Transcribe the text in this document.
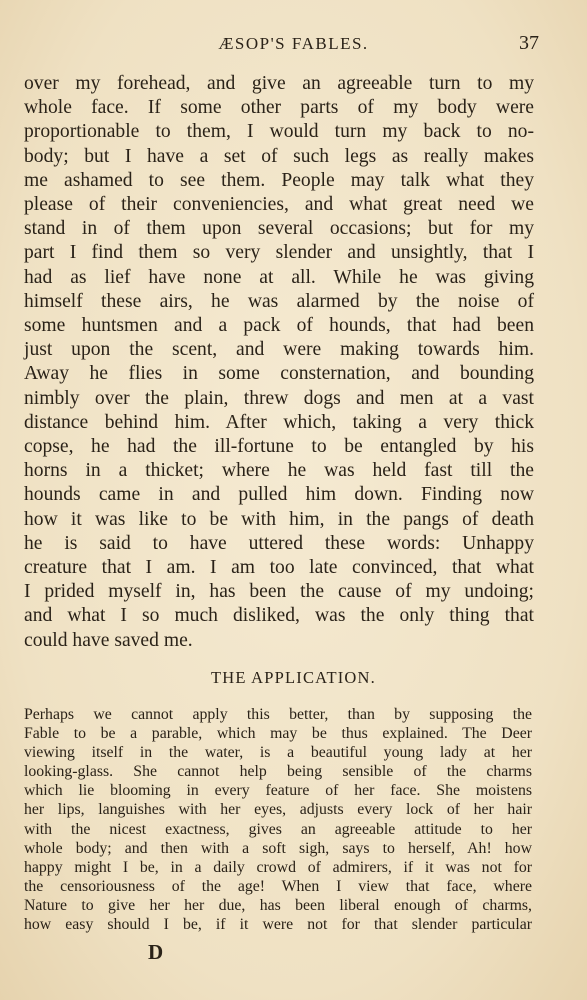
ÆSOP'S FABLES.	37
over my forehead, and give an agreeable turn to my
whole face. If some other parts of my body were
proportionable to them, I would turn my back to no-
body; but I have a set of such legs as really makes
me ashamed to see them. People may talk what they
please of their conveniencies, and what great need we
stand in of them upon several occasions; but for my
part I find them so very slender and unsightly, that I
had as lief have none at all. While he was giving
himself these airs, he was alarmed by the noise of
some huntsmen and a pack of hounds, that had been
just upon the scent, and were making towards him.
Away he flies in some consternation, and bounding
nimbly over the plain, threw dogs and men at a vast
distance behind him. After which, taking a very thick
copse, he had the ill-fortune to be entangled by his
horns in a thicket; where he was held fast till the
hounds came in and pulled him down. Finding now
how it was like to be with him, in the pangs of death
he is said to have uttered these words: Unhappy
creature that I am. I am too late convinced, that what
I prided myself in, has been the cause of my undoing;
and what I so much disliked, was the only thing that
could have saved me.
THE APPLICATION.
Perhaps we cannot apply this better, than by supposing the
Fable to be a parable, which may be thus explained. The Deer
viewing itself in the water, is a beautiful young lady at her
looking-glass. She cannot help being sensible of the charms
which lie blooming in every feature of her face. She moistens
her lips, languishes with her eyes, adjusts every lock of her hair
with the nicest exactness, gives an agreeable attitude to her
whole body; and then with a soft sigh, says to herself, Ah! how
happy might I be, in a daily crowd of admirers, if it was not for
the censoriousness of the age! When I view that face, where
Nature to give her her due, has been liberal enough of charms,
how easy should I be, if it were not for that slender particular
D
